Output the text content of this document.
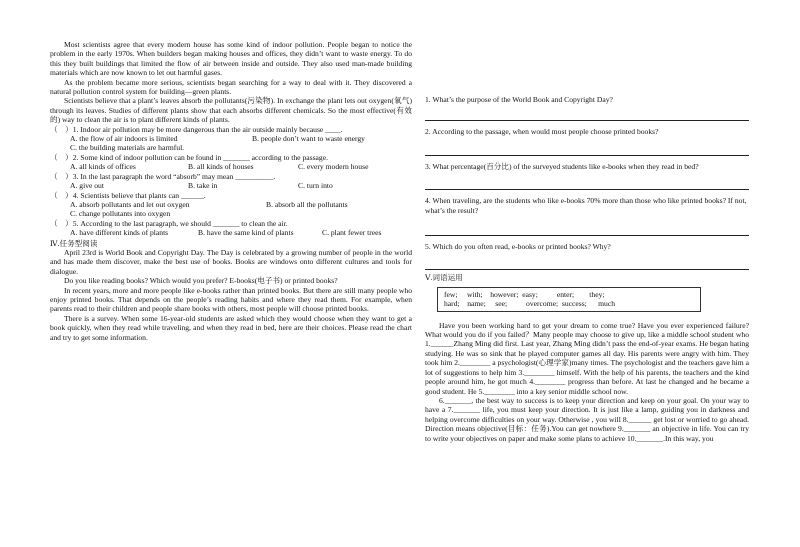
Most scientists agree that every modern house has some kind of indoor pollution. People began to notice the problem in the early 1970s. When builders began making houses and offices, they didn’t want to waste energy. To do this they built buildings that limited the flow of air between inside and outside. They also used man-made building materials which are now known to let out harmful gases.

As the problem became more serious, scientists began searching for a way to deal with it. They discovered a natural pollution control system for building—green plants.

Scientists believe that a plant’s leaves absorb the pollutants(污染物). In exchange the plant lets out oxygen(氧气) through its leaves. Studies of different plants show that each absorbs different chemicals. So the most effective(有效的) way to clean the air is to plant different kinds of plants.

（　）1. Indoor air pollution may be more dangerous than the air outside mainly because ____.

A. the flow of air indoors is limited	B. people don’t want to waste energy
C. the building materials are harmful.

（　）2. Some kind of indoor pollution can be found in _______ according to the passage.

A. all kinds of offices	B. all kinds of houses	C. every modern house

（　）3. In the last paragraph the word “absorb” may mean __________.

A. give out	B. take in	C. turn into

（　）4. Scientists believe that plants can ______.

A. absorb pollutants and let out oxygen	B. absorb all the pollutants
C. change pollutants into oxygen

（　）5. According to the last paragraph, we should _______ to clean the air.

A. have different kinds of plants	B. have the same kind of plants	C. plant fewer trees

Ⅳ.任务型阅读

April 23rd is World Book and Copyright Day. The Day is celebrated by a growing number of people in the world and has made them discover, make the best use of books. Books are windows onto different cultures and tools for dialogue.

Do you like reading books? Which would you prefer? E-books(电子书) or printed books?

In recent years, more and more people like e-books rather than printed books. But there are still many people who enjoy printed books. That depends on the people’s reading habits and where they read them. For example, when parents read to their children and people share books with others, most people will choose printed books.

There is a survey. When some 16-year-old students are asked which they would choose when they want to get a book quickly, when they read while traveling, and when they read in bed, here are their choices. Please read the chart and try to get some information.

1. What’s the purpose of the World Book and Copyright Day?
2. According to the passage, when would most people choose printed books?
3. What percentage(百分比) of the surveyed students like e-books when they read in bed?
4. When traveling, are the students who like e-books 70% more than those who like printed books? If not, what’s the result?
5. Which do you often read, e-books or printed books? Why?

Ⅴ.词语运用

few;     with;    however;  easy;          enter;        they;
hard;    name;     see;          overcome;  success;      much

Have you been working hard to get your dream to come true? Have you ever experienced failure? What would you do if you failed？Many people may choose to give up, like a middle school student who 1.______Zhang Ming did first. Last year, Zhang Ming didn’t pass the end-of-year exams. He began hating studying. He was so sink that he played computer games all day. His parents were angry with him. They took him 2.________ a psychologist(心理学家)many times. The psychologist and the teachers gave him a lot of suggestions to help him 3.________ himself. With the help of his parents, the teachers and the kind people around him, he got much 4.________ progress than before. At last he changed and he became a good student. He 5.________ into a key senior middle school now.

6._______, the best way to success is to keep your direction and keep on your goal. On your way to have a 7._______ life, you must keep your direction. It is just like a lamp, guiding you in darkness and helping overcome difficulties on your way. Otherwise , you will 8.______ get lost or worried to go ahead. Direction means objective(目标：任务).You can get nowhere 9._______ an objective in life. You can try to write your objectives on paper and make some plans to achieve 10._______.In this way, you
